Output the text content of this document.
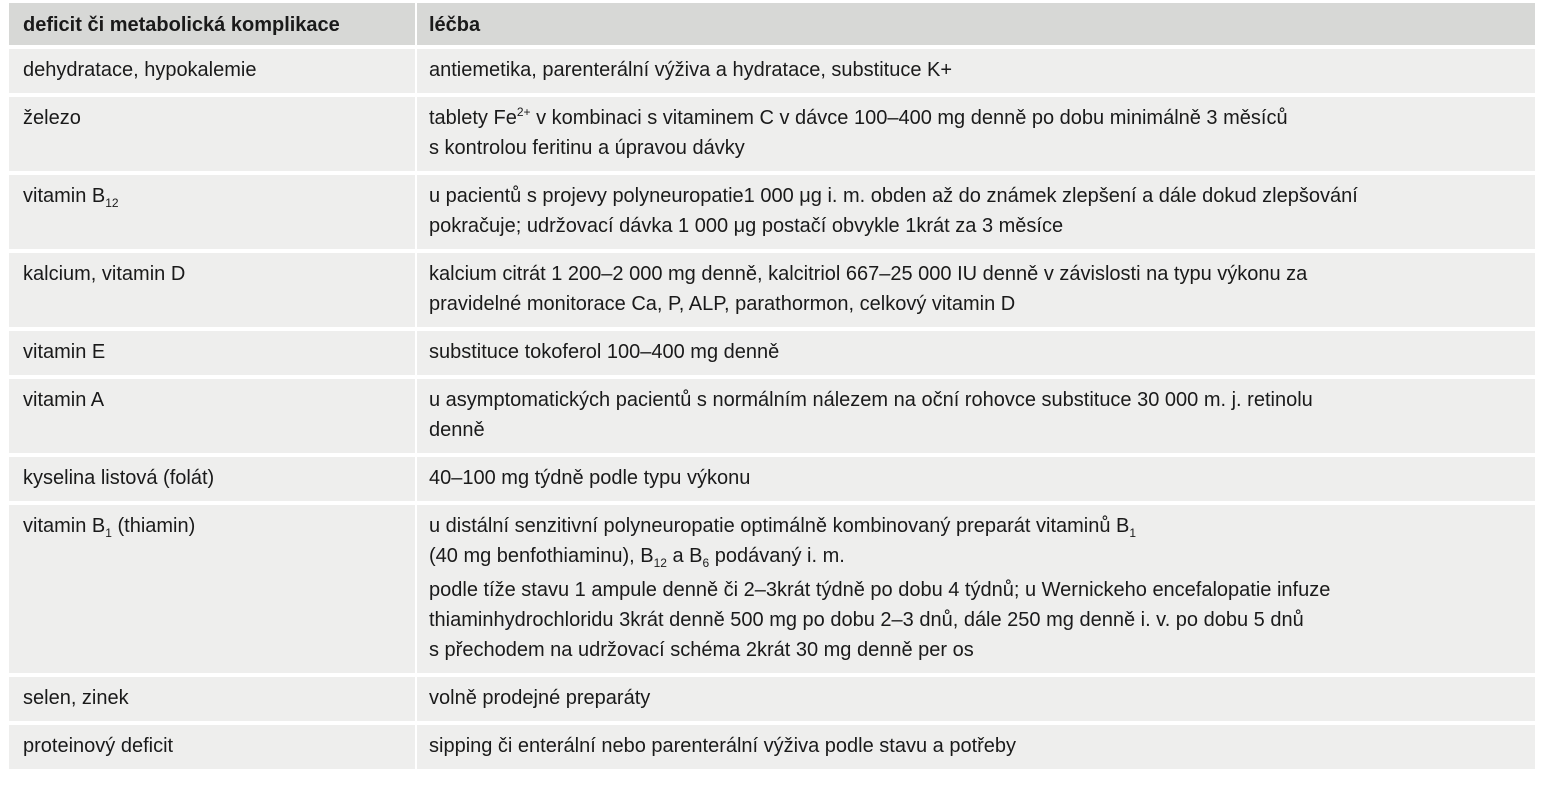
deficit či metabolická komplikace	léčba
dehydratace, hypokalemie	antiemetika, parenterální výživa a hydratace, substituce K+
železo	tablety $Fe^{2+}$ v kombinaci s vitaminem C v dávce 100–400 mg denně po dobu minimálně 3 měsíců
s kontrolou feritinu a úpravou dávky

vitamin $B_{12}$	u pacientů s projevy polyneuropatie1 000 μg i. m. obden až do známek zlepšení a dále dokud zlepšování
pokračuje; udržovací dávka 1 000 μg postačí obvykle 1krát za 3 měsíce

kalcium, vitamin D	kalcium citrát 1 200–2 000 mg denně, kalcitriol 667–25 000 IU denně v závislosti na typu výkonu za
pravidelné monitorace Ca, P, ALP, parathormon, celkový vitamin D

vitamin E	substituce tokoferol 100–400 mg denně
vitamin A	u asymptomatických pacientů s normálním nálezem na oční rohovce substituce 30 000 m. j. retinolu
denně

kyselina listová (folát)	40–100 mg týdně podle typu výkonu
vitamin $B_1$ (thiamin)	u distální senzitivní polyneuropatie optimálně kombinovaný preparát vitaminů $B_1$
(40 mg benfothiaminu), $B_{12}$ a $B_6$ podávaný i. m.
podle tíže stavu 1 ampule denně či 2–3krát týdně po dobu 4 týdnů; u Wernickeho encefalopatie infuze
thiaminhydrochloridu 3krát denně 500 mg po dobu 2–3 dnů, dále 250 mg denně i. v. po dobu 5 dnů
s přechodem na udržovací schéma 2krát 30 mg denně per os

selen, zinek	volně prodejné preparáty
proteinový deficit	sipping či enterální nebo parenterální výživa podle stavu a potřeby
